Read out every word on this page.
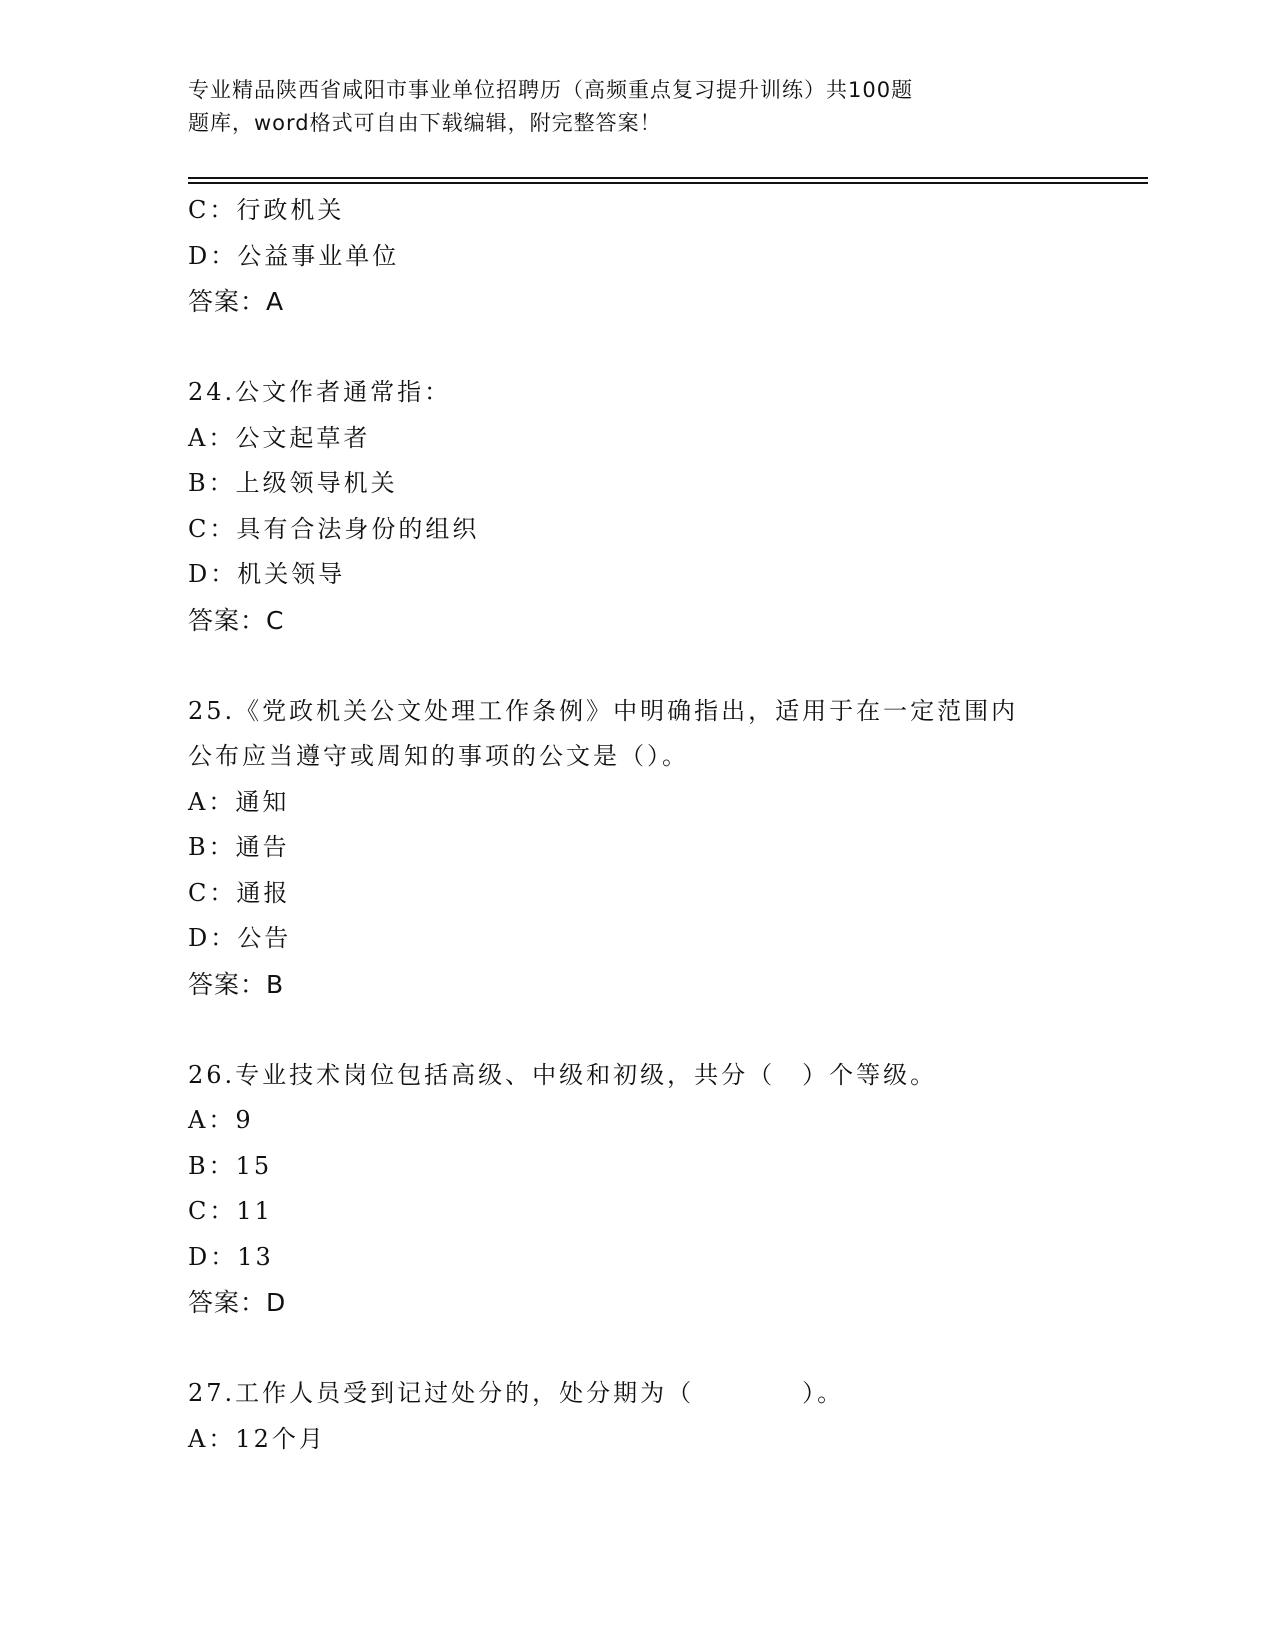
专业精品陕西省咸阳市事业单位招聘历（高频重点复习提升训练）共100题
题库，word格式可自由下载编辑，附完整答案！
C：行政机关
D：公益事业单位
答案：A
24.公文作者通常指：
A：公文起草者
B：上级领导机关
C：具有合法身份的组织
D：机关领导
答案：C
25.《党政机关公文处理工作条例》中明确指出，适用于在一定范围内
公布应当遵守或周知的事项的公文是（）。
A：通知
B：通告
C：通报
D：公告
答案：B
26.专业技术岗位包括高级、中级和初级，共分（　）个等级。
A：9
B：15
C：11
D：13
答案：D
27.工作人员受到记过处分的，处分期为（　　　　）。
A：12个月
